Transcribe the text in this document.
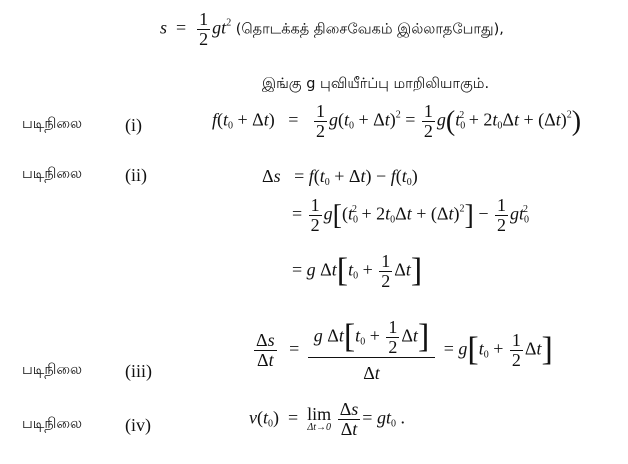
$s = \frac{1}{2} gt^2$ (தொடக்கத் திசைவேகம் இல்லாதபோது),
இங்கு g புவியீர்ப்பு மாறிலியாகும்.
படிநிலை (i)	$f(t_0 + \Delta t) = \frac{1}{2} g(t_0 + \Delta t)^2 = \frac{1}{2} g(t_0^2 + 2t_0\Delta t + (\Delta t)^2)$
படிநிலை (ii)	$\Delta s = f(t_0 + \Delta t) - f(t_0)$
= $\frac{1}{2} g[(t_0^2 + 2t_0\Delta t + (\Delta t)^2] - \frac{1}{2} gt_0^2$
= g $\Delta t[t_0 + \frac{1}{2} \Delta t]$
படிநிலை (iii)
$\frac{\Delta s}{\Delta t} = \frac{g \Delta t[t_0 + \frac{1}{2} \Delta t]}{\Delta t} = g[t_0 + \frac{1}{2} \Delta t]$
படிநிலை (iv)	$v(t_0) = \lim$
Δt→0
$\frac{\Delta s}{\Delta t} = gt_0$ .
